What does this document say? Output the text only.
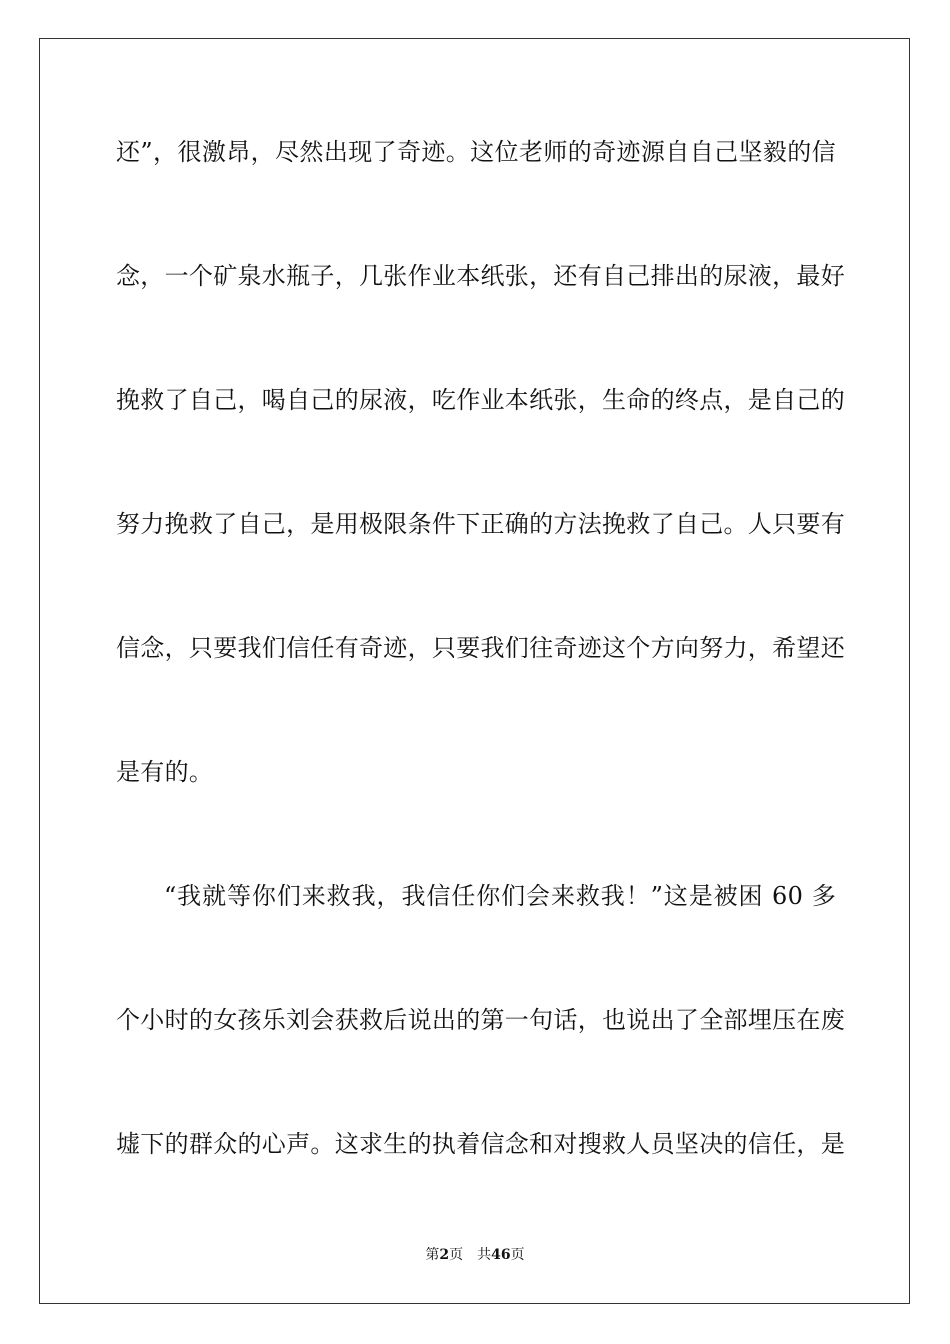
还”，很激昂，尽然出现了奇迹。这位老师的奇迹源自自己坚毅的信
念，一个矿泉水瓶子，几张作业本纸张，还有自己排出的尿液，最好
挽救了自己，喝自己的尿液，吃作业本纸张，生命的终点，是自己的
努力挽救了自己，是用极限条件下正确的方法挽救了自己。人只要有
信念，只要我们信任有奇迹，只要我们往奇迹这个方向努力，希望还
是有的。
“我就等你们来救我，我信任你们会来救我！”这是被困 60 多
个小时的女孩乐刘会获救后说出的第一句话，也说出了全部埋压在废
墟下的群众的心声。这求生的执着信念和对搜救人员坚决的信任，是
第2页 共46页
